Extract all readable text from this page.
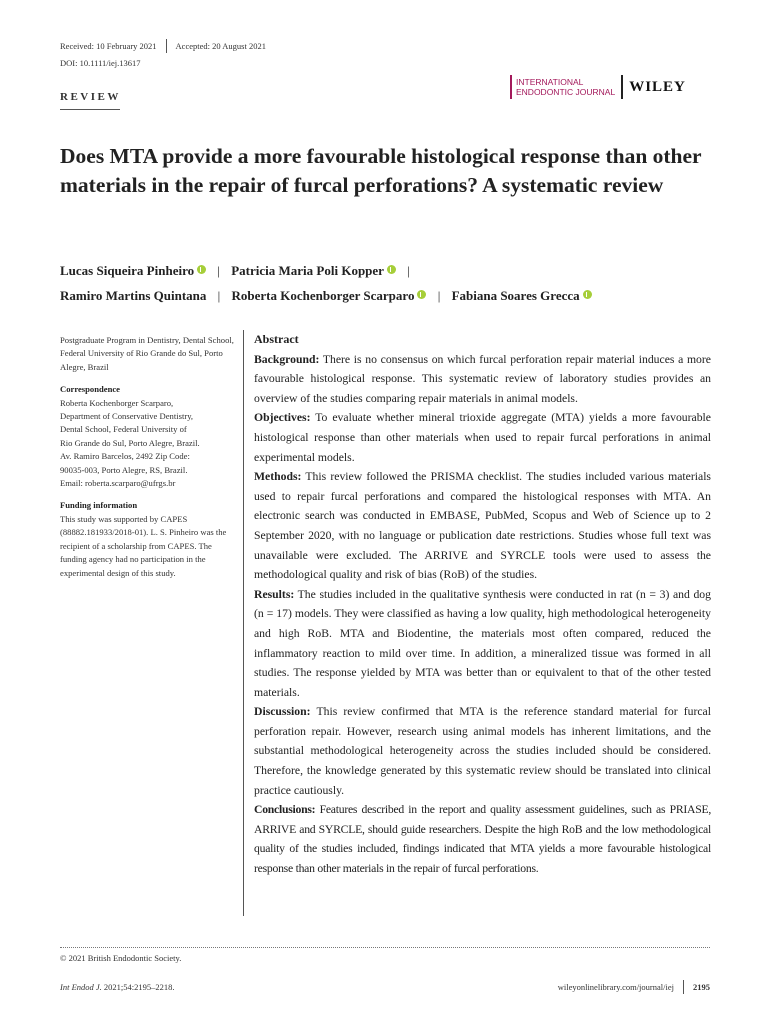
Received: 10 February 2021 Accepted: 20 August 2021
DOI: 10.1111/iej.13617
INTERNATIONAL
ENDODONTIC JOURNAL WILEY
REVIEW
Does MTA provide a more favourable histological response than other materials in the repair of furcal perforations? A systematic review
Lucas Siqueira Pinheiro | Patricia Maria Poli Kopper |
Ramiro Martins Quintana | Roberta Kochenborger Scarparo | Fabiana Soares Grecca

Postgraduate Program in Dentistry, Dental School, Federal University of Rio Grande do Sul, Porto Alegre, Brazil

Correspondence

Roberta Kochenborger Scarparo,

Department of Conservative Dentistry,

Dental School, Federal University of

Rio Grande do Sul, Porto Alegre, Brazil.

Av. Ramiro Barcelos, 2492 Zip Code:

90035-003, Porto Alegre, RS, Brazil.

Email: roberta.scarparo@ufrgs.br

Funding information

This study was supported by CAPES (88882.181933/2018-01). L. S. Pinheiro was the recipient of a scholarship from CAPES. The funding agency had no participation in the experimental design of this study.

Abstract

Background: There is no consensus on which furcal perforation repair material induces a more favourable histological response. This systematic review of laboratory studies provides an overview of the studies comparing repair materials in animal models.

Objectives: To evaluate whether mineral trioxide aggregate (MTA) yields a more favourable histological response than other materials when used to repair furcal perforations in animal experimental models.

Methods: This review followed the PRISMA checklist. The studies included various materials used to repair furcal perforations and compared the histological responses with MTA. An electronic search was conducted in EMBASE, PubMed, Scopus and Web of Science up to 2 September 2020, with no language or publication date restrictions. Studies whose full text was unavailable were excluded. The ARRIVE and SYRCLE tools were used to assess the methodological quality and risk of bias (RoB) of the studies.

Results: The studies included in the qualitative synthesis were conducted in rat (n = 3) and dog (n = 17) models. They were classified as having a low quality, high methodological heterogeneity and high RoB. MTA and Biodentine, the materials most often compared, reduced the inflammatory reaction to mild over time. In addition, a mineralized tissue was formed in all studies. The response yielded by MTA was better than or equivalent to that of the other tested materials.

Discussion: This review confirmed that MTA is the reference standard material for furcal perforation repair. However, research using animal models has inherent limitations, and the substantial methodological heterogeneity across the studies included should be considered. Therefore, the knowledge generated by this systematic review should be translated into clinical practice cautiously.

Conclusions: Features described in the report and quality assessment guidelines, such as PRIASE, ARRIVE and SYRCLE, should guide researchers. Despite the high RoB and the low methodological quality of the studies included, findings indicated that MTA yields a more favourable histological response than other materials in the repair of furcal perforations.

© 2021 British Endodontic Society.
Int Endod J. 2021;54:2195–2218.	wileyonlinelibrary.com/journal/iej 2195
